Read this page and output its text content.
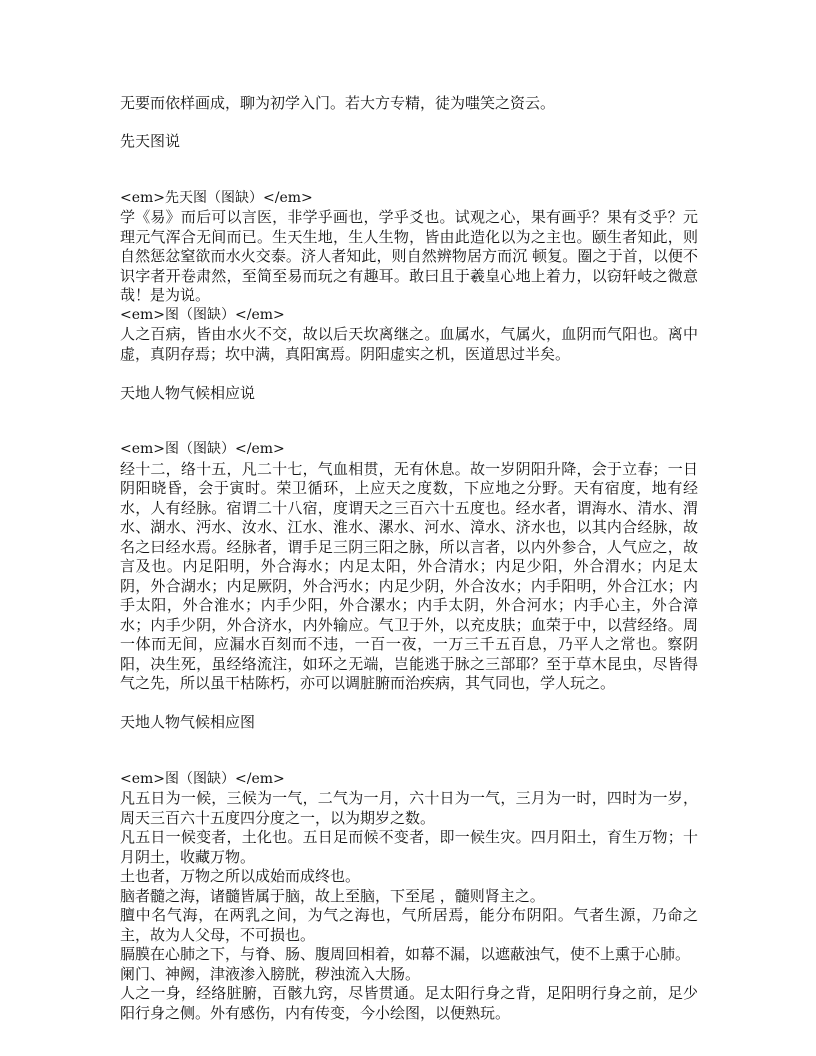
无要而依样画成，聊为初学入门。若大方专精，徒为嗤笑之资云。

先天图说

<em>先天图（图缺）</em>

学《易》而后可以言医，非学乎画也，学乎爻也。试观之心，果有画乎？果有爻乎？元理元气浑合无间而已。生天生地，生人生物，皆由此造化以为之主也。颐生者知此，则自然惩忿窒欲而水火交泰。济人者知此，则自然辨物居方而沉 顿复。圈之于首，以便不识字者开卷肃然，至简至易而玩之有趣耳。敢曰且于羲皇心地上着力，以窃轩岐之微意哉！是为说。

<em>图（图缺）</em>

人之百病，皆由水火不交，故以后天坎离继之。血属水，气属火，血阴而气阳也。离中虚，真阴存焉；坎中满，真阳寓焉。阴阳虚实之机，医道思过半矣。

天地人物气候相应说

<em>图（图缺）</em>

经十二，络十五，凡二十七，气血相贯，无有休息。故一岁阴阳升降，会于立春；一日阴阳晓昏，会于寅时。荣卫循环，上应天之度数，下应地之分野。天有宿度，地有经水，人有经脉。宿谓二十八宿，度谓天之三百六十五度也。经水者，谓海水、清水、渭水、湖水、沔水、汝水、江水、淮水、漯水、河水、漳水、济水也，以其内合经脉，故名之曰经水焉。经脉者，谓手足三阴三阳之脉，所以言者，以内外参合，人气应之，故言及也。内足阳明，外合海水；内足太阳，外合清水；内足少阳，外合渭水；内足太阴，外合湖水；内足厥阴，外合沔水；内足少阴，外合汝水；内手阳明，外合江水；内手太阳，外合淮水；内手少阳，外合漯水；内手太阴，外合河水；内手心主，外合漳水；内手少阴，外合济水，内外输应。气卫于外，以充皮肤；血荣于中，以营经络。周一体而无间，应漏水百刻而不违，一百一夜，一万三千五百息，乃平人之常也。察阴阳，决生死，虽经络流注，如环之无端，岂能逃于脉之三部耶？至于草木昆虫，尽皆得气之先，所以虽干枯陈朽，亦可以调脏腑而治疾病，其气同也，学人玩之。

天地人物气候相应图

<em>图（图缺）</em>

凡五日为一候，三候为一气，二气为一月，六十日为一气，三月为一时，四时为一岁，周天三百六十五度四分度之一，以为期岁之数。

凡五日一候变者，土化也。五日足而候不变者，即一候生灾。四月阳土，育生万物；十月阴土，收藏万物。

土也者，万物之所以成始而成终也。

脑者髓之海，诸髓皆属于脑，故上至脑，下至尾 ，髓则肾主之。

膻中名气海，在两乳之间，为气之海也，气所居焉，能分布阴阳。气者生源，乃命之主，故为人父母，不可损也。

膈膜在心肺之下，与脊、肠、腹周回相着，如幕不漏，以遮蔽浊气，使不上熏于心肺。

阑门、神阙，津液渗入膀胱，秽浊流入大肠。

人之一身，经络脏腑，百骸九窍，尽皆贯通。足太阳行身之背，足阳明行身之前，足少阳行身之侧。外有感伤，内有传变，今小绘图，以便熟玩。
